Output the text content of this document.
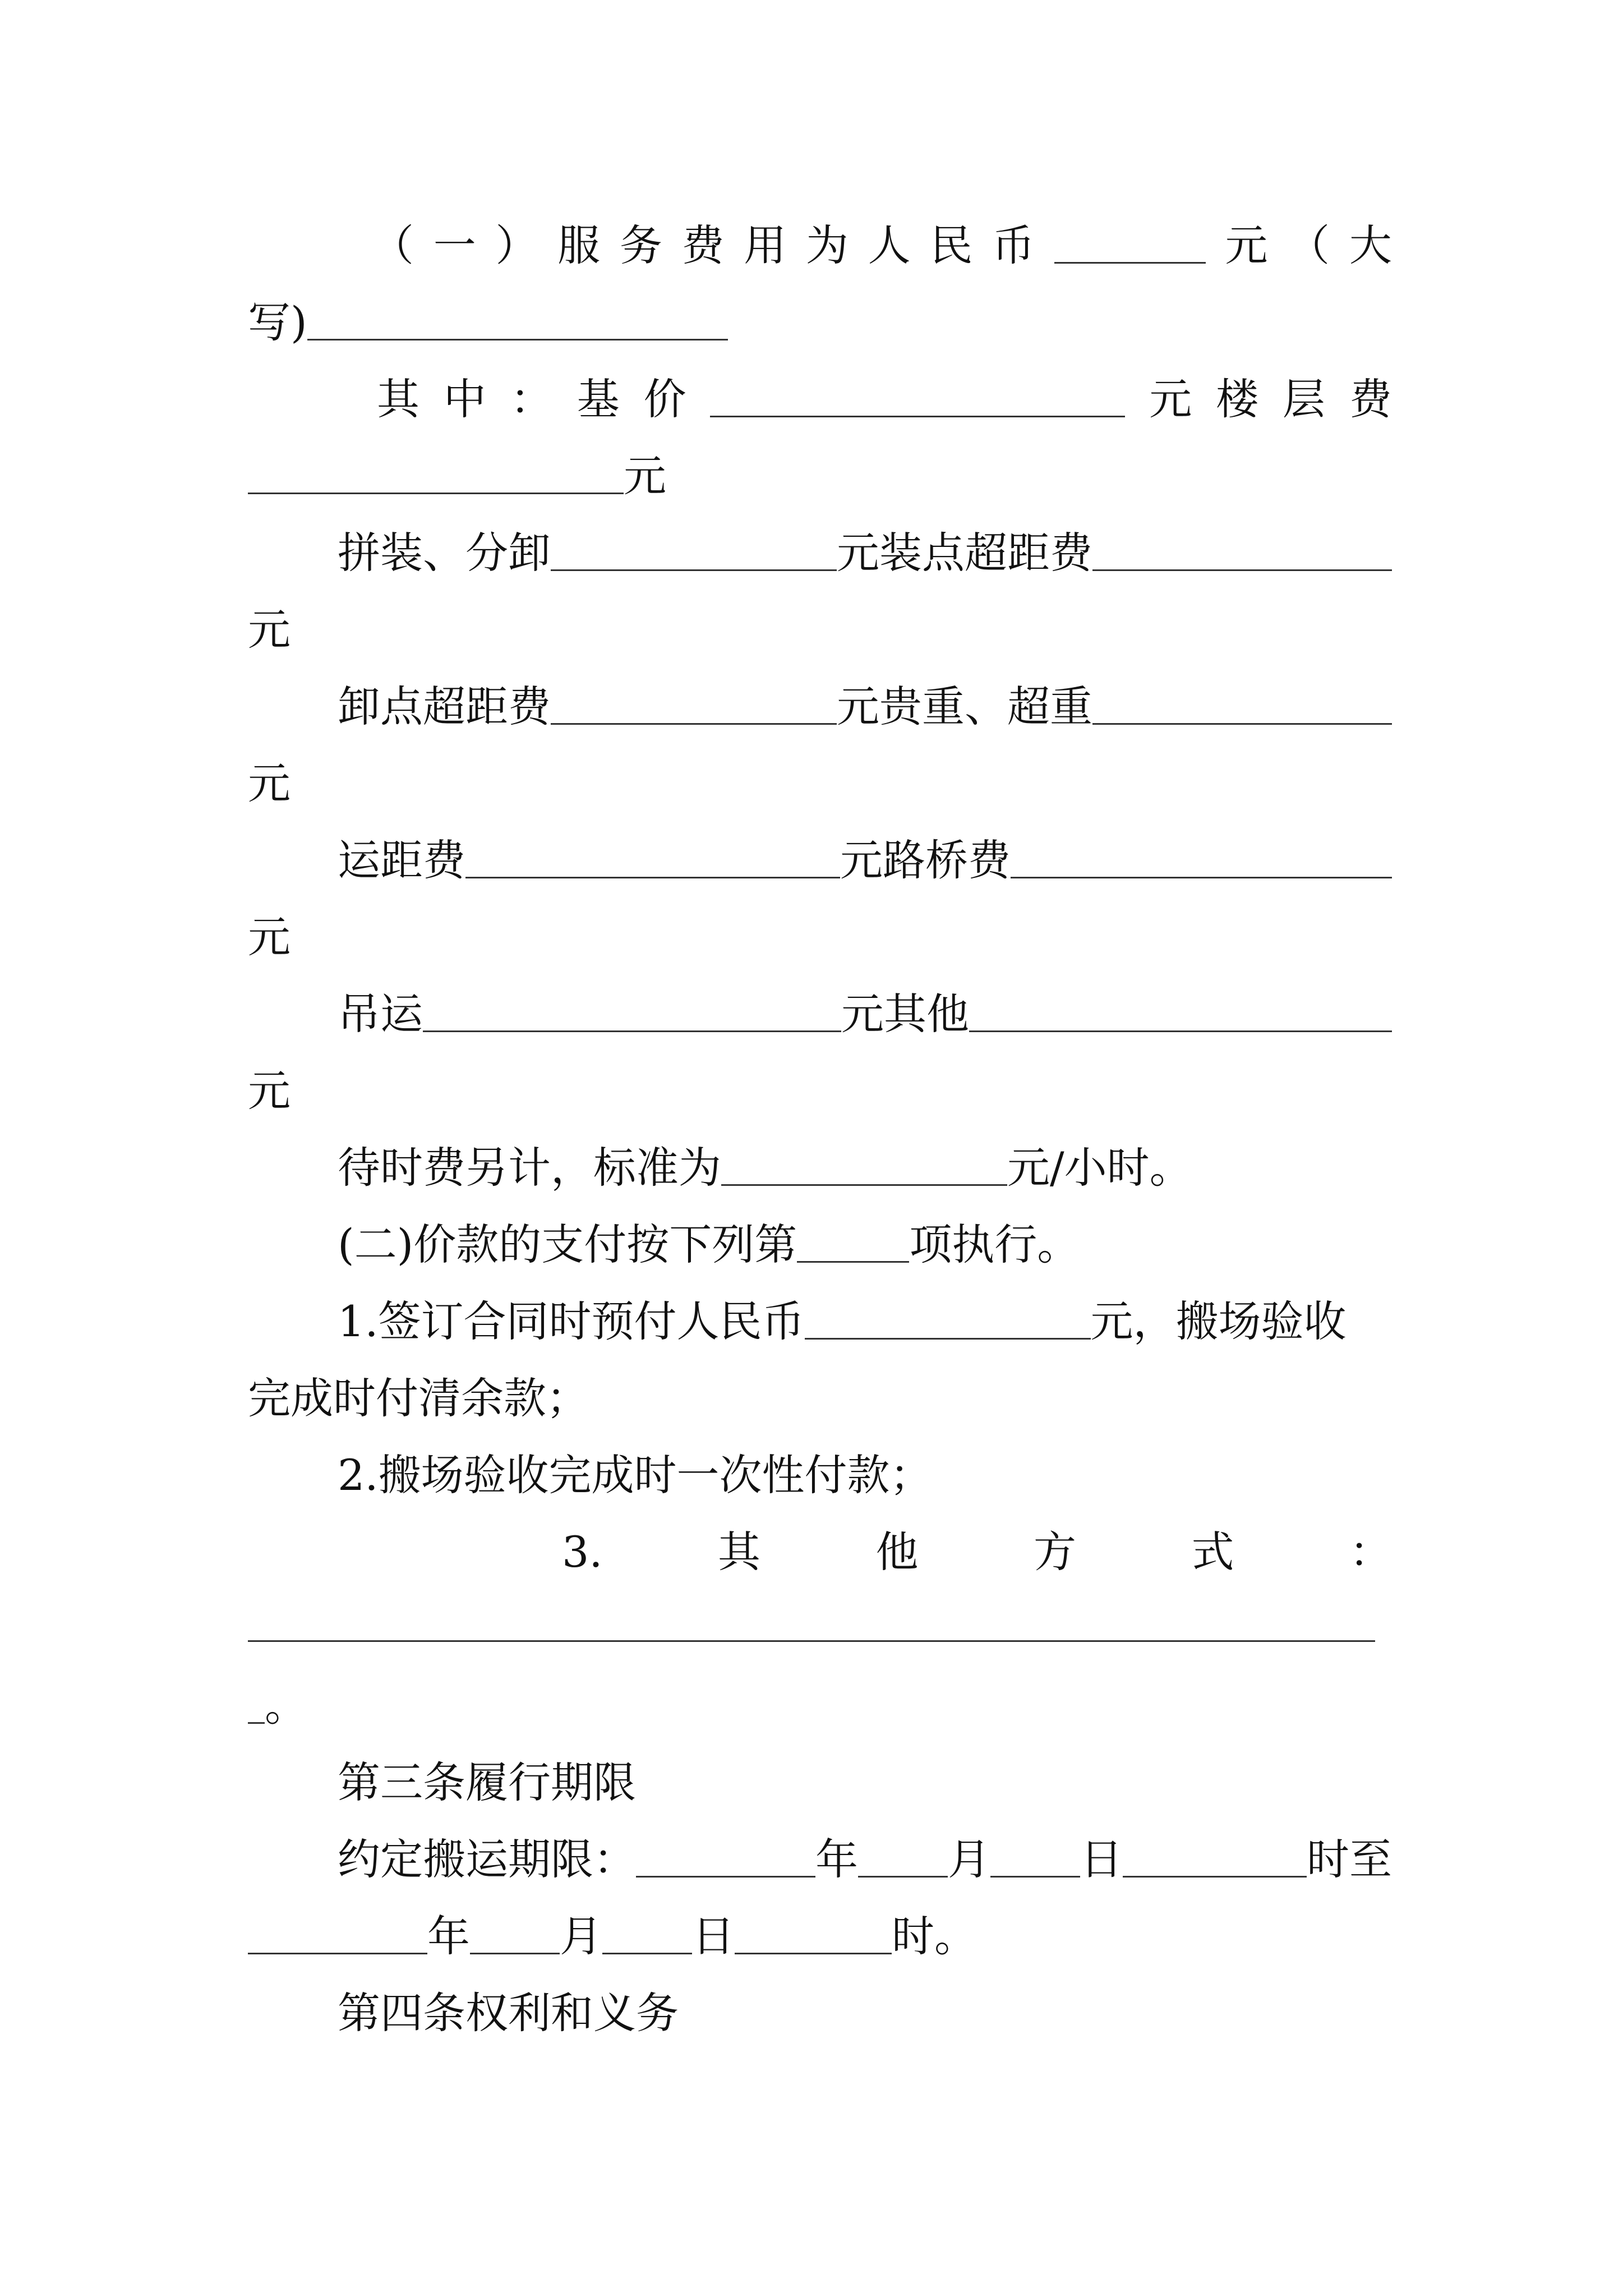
（ 一 ） 服 务 费 用 为 人 民 币	元 （ 大
写)
其 中 ： 基 价	元 楼 层 费
元
拼装、分卸	元装点超距费
元
卸点超距费	元贵重、超重
元
运距费	元路桥费
元
吊运	元其他
元
待时费另计，标准为	元/小时。
(二)价款的支付按下列第	项执行。
1.签订合同时预付人民币	元，搬场验收
完成时付清余款；
2.搬场验收完成时一次性付款；
3.	其	他	方	式	：
。
第三条履行期限
约定搬运期限：	年 月 日	时至
年 月 日	时。
第四条权利和义务
